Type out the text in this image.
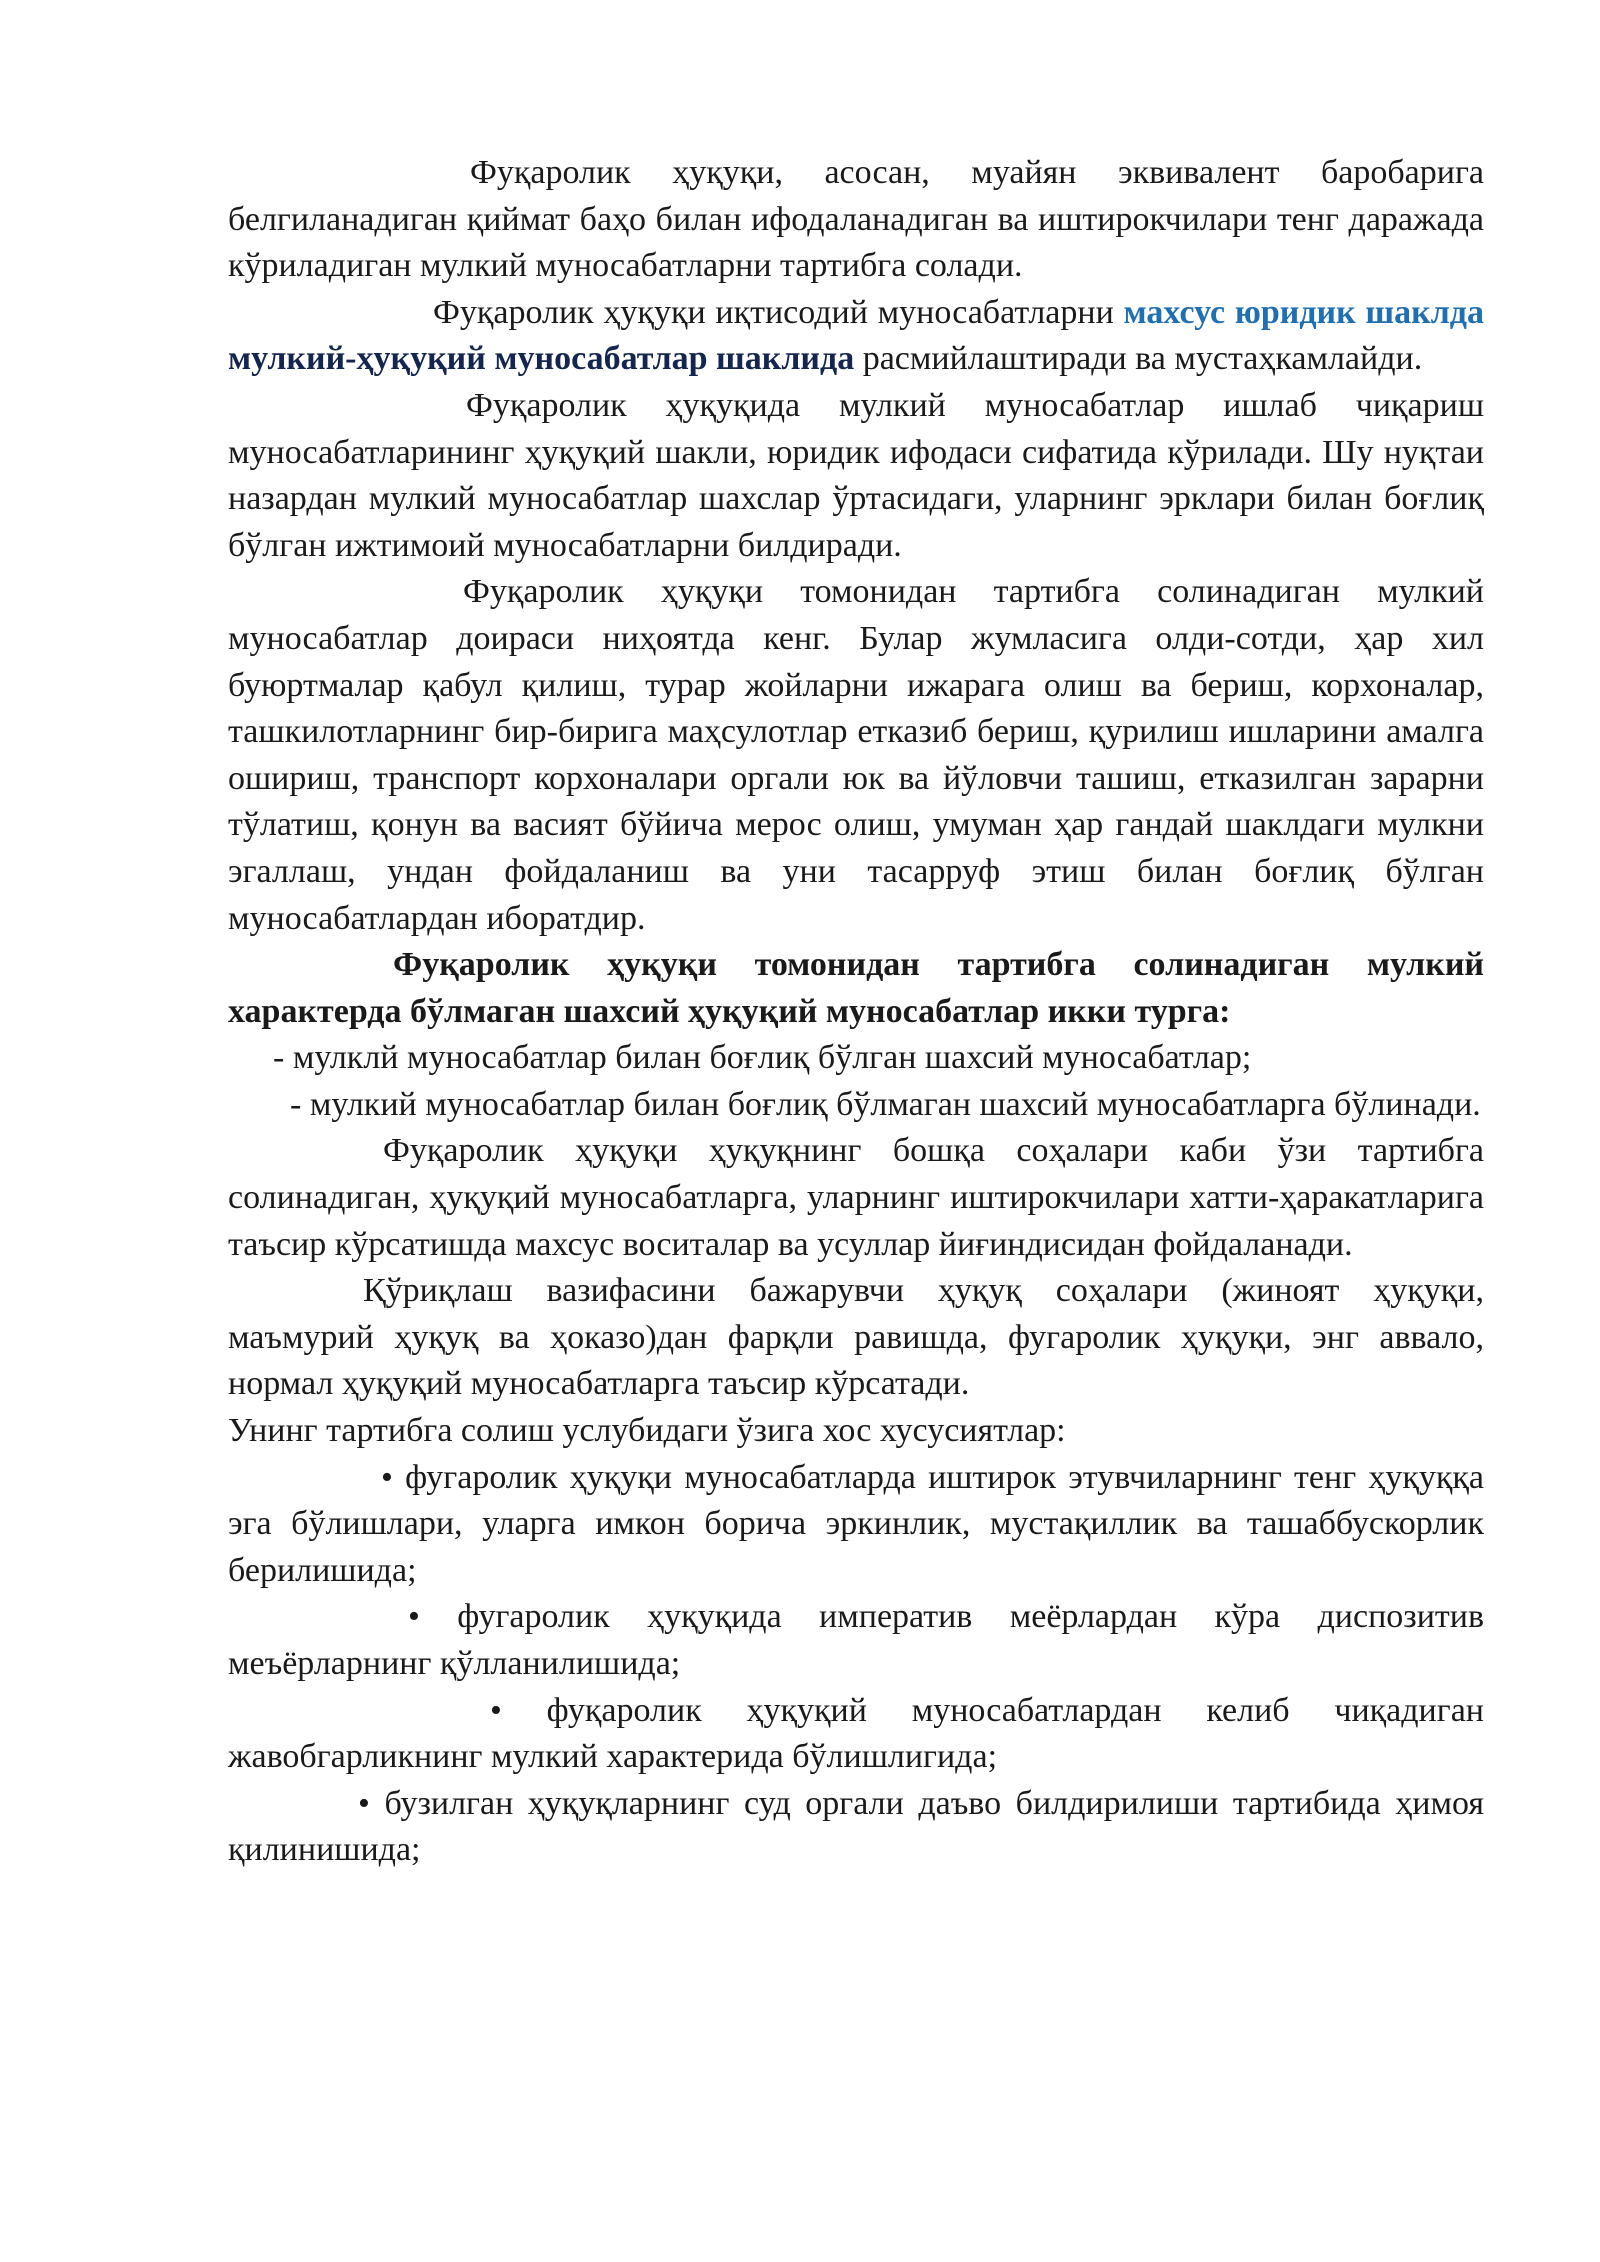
Фуқаролик ҳуқуқи, асосан, муайян эквивалент баробарига белгиланадиган қиймат баҳо билан ифодаланадиган ва иштирокчилари тенг даражада кўриладиган мулкий муносабатларни тартибга солади.

Фуқаролик ҳуқуқи иқтисодий муносабатларни махсус юридик шаклда мулкий-ҳуқуқий муносабатлар шаклида расмийлаштиради ва мустаҳкамлайди.

Фуқаролик ҳуқуқида мулкий муносабатлар ишлаб чиқариш муносабатларининг ҳуқуқий шакли, юридик ифодаси сифатида кўрилади. Шу нуқтаи назардан мулкий муносабатлар шахслар ўртасидаги, уларнинг эрклари билан боғлиқ бўлган ижтимоий муносабатларни билдиради.

Фуқаролик ҳуқуқи томонидан тартибга солинадиган мулкий муносабатлар доираси ниҳоятда кенг. Булар жумласига олди-сотди, ҳар хил буюртмалар қабул қилиш, турар жойларни ижарага олиш ва бериш, корхоналар, ташкилотларнинг бир-бирига маҳсулотлар етказиб бериш, қурилиш ишларини амалга ошириш, транспорт корхоналари оргали юк ва йўловчи ташиш, етказилган зарарни тўлатиш, қонун ва васият бўйича мерос олиш, умуман ҳар гандай шаклдаги мулкни эгаллаш, ундан фойдаланиш ва уни тасарруф этиш билан боғлиқ бўлган муносабатлардан иборатдир.

Фуқаролик ҳуқуқи томонидан тартибга солинадиган мулкий характерда бўлмаган шахсий ҳуқуқий муносабатлар икки турга:

- мулклй муносабатлар билан боғлиқ бўлган шахсий муносабатлар;

- мулкий муносабатлар билан боғлиқ бўлмаган шахсий муносабатларга бўлинади.

Фуқаролик ҳуқуқи ҳуқуқнинг бошқа соҳалари каби ўзи тартибга солинадиган, ҳуқуқий муносабатларга, уларнинг иштирокчилари хатти-ҳаракатларига таъсир кўрсатишда махсус воситалар ва усуллар йиғиндисидан фойдаланади.

Қўриқлаш вазифасини бажарувчи ҳуқуқ соҳалари (жиноят ҳуқуқи, маъмурий ҳуқуқ ва ҳоказо)дан фарқли равишда, фугаролик ҳуқуқи, энг аввало, нормал ҳуқуқий муносабатларга таъсир кўрсатади.

Унинг тартибга солиш услубидаги ўзига хос хусусиятлар:

• фугаролик ҳуқуқи муносабатларда иштирок этувчиларнинг тенг ҳуқуққа эга бўлишлари, уларга имкон борича эркинлик, мустақиллик ва ташаббускорлик берилишида;

• фугаролик ҳуқуқида императив меёрлардан кўра диспозитив меъёрларнинг қўлланилишида;

• фуқаролик ҳуқуқий муносабатлардан келиб чиқадиган жавобгарликнинг мулкий характерида бўлишлигида;

• бузилган ҳуқуқларнинг суд оргали даъво билдирилиши тартибида ҳимоя қилинишида;
